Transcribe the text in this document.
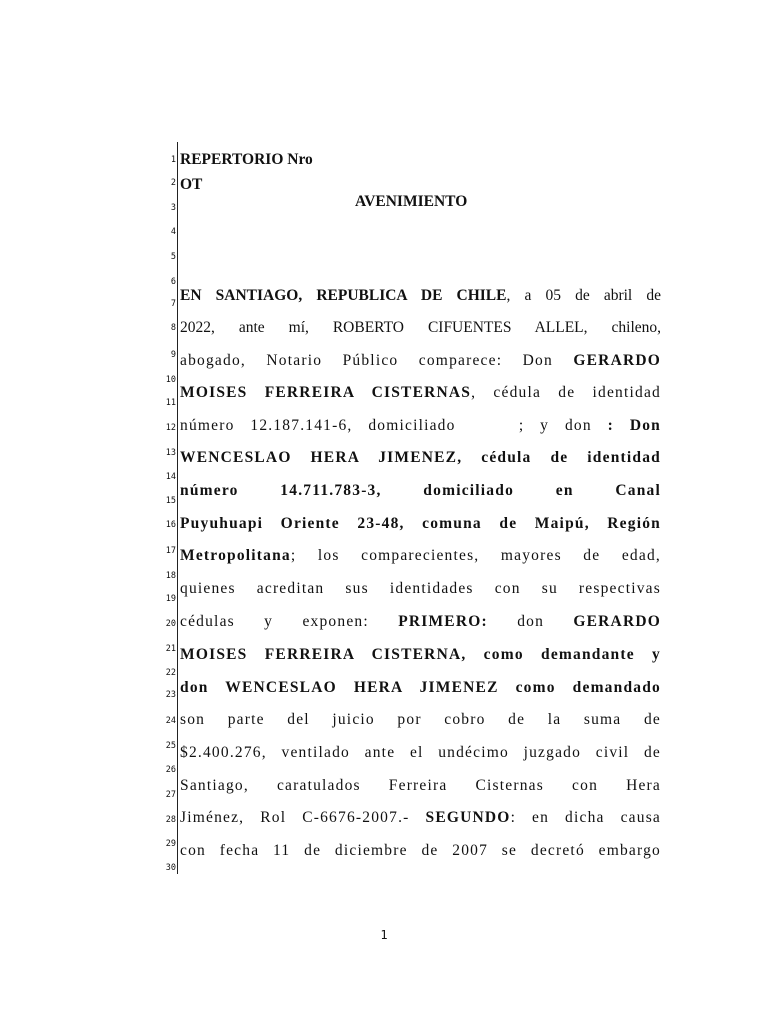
1
2
3
4
5
6
7
8
9
10
11
12
13
14
15
16
17
18
19
20
21
22
23
24
25
26
27
28
29
30
REPERTORIO Nro
OT
AVENIMIENTO
EN SANTIAGO, REPUBLICA DE CHILE, a 05 de abril de
2022, ante mí, ROBERTO CIFUENTES ALLEL, chileno,
abogado, Notario Público comparece: Don GERARDO
MOISES FERREIRA CISTERNAS, cédula de identidad
número 12.187.141-6, domiciliado	; y don : Don
WENCESLAO HERA JIMENEZ, cédula de identidad
número 14.711.783-3, domiciliado en Canal
Puyuhuapi Oriente 23-48, comuna de Maipú, Región
Metropolitana; los comparecientes, mayores de edad,
quienes acreditan sus identidades con su respectivas
cédulas y exponen: PRIMERO: don GERARDO
MOISES FERREIRA CISTERNA, como demandante y
don WENCESLAO HERA JIMENEZ como demandado
son parte del juicio por cobro de la suma de
$2.400.276, ventilado ante el undécimo juzgado civil de
Santiago, caratulados Ferreira Cisternas con Hera
Jiménez, Rol C-6676-2007.- SEGUNDO: en dicha causa
con fecha 11 de diciembre de 2007 se decretó embargo
1
